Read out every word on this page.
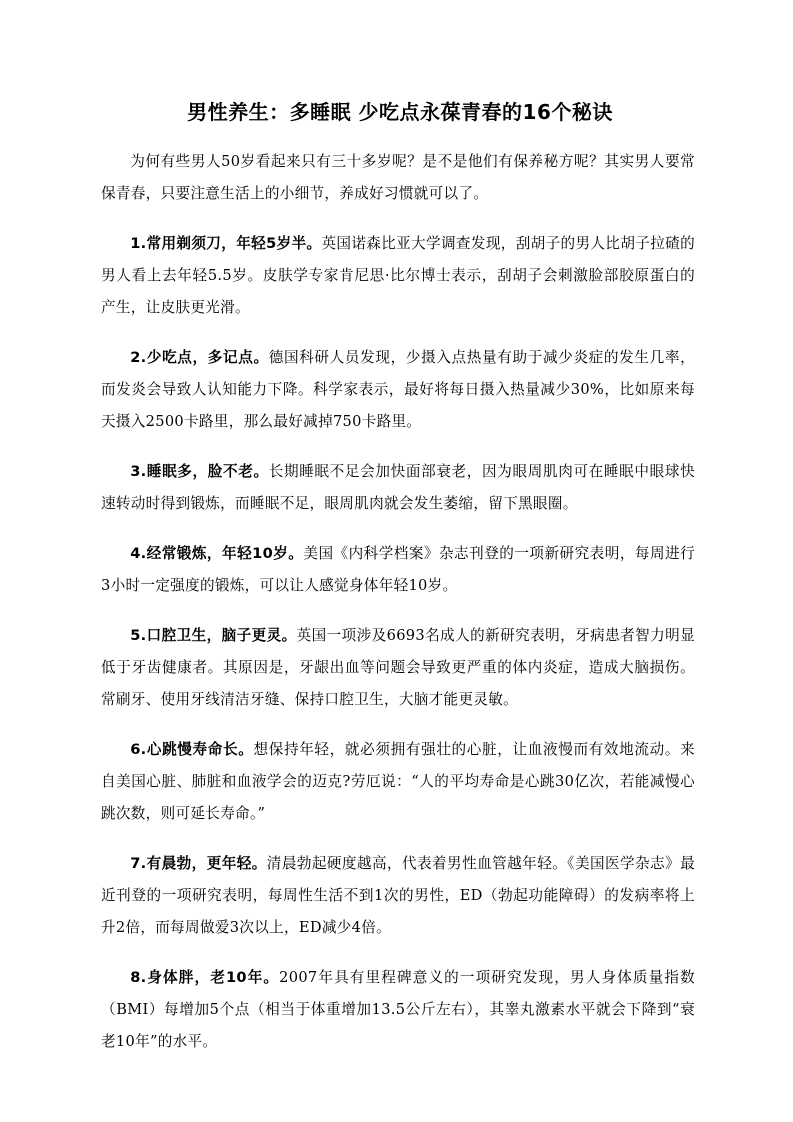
男性养生：多睡眠 少吃点永葆青春的16个秘诀

为何有些男人50岁看起来只有三十多岁呢？是不是他们有保养秘方呢？其实男人要常保青春，只要注意生活上的小细节，养成好习惯就可以了。

1.常用剃须刀，年轻5岁半。英国诺森比亚大学调查发现，刮胡子的男人比胡子拉碴的男人看上去年轻5.5岁。皮肤学专家肯尼思·比尔博士表示，刮胡子会刺激脸部胶原蛋白的产生，让皮肤更光滑。

2.少吃点，多记点。德国科研人员发现，少摄入点热量有助于减少炎症的发生几率，而发炎会导致人认知能力下降。科学家表示，最好将每日摄入热量减少30%，比如原来每天摄入2500卡路里，那么最好减掉750卡路里。

3.睡眠多，脸不老。长期睡眠不足会加快面部衰老，因为眼周肌肉可在睡眠中眼球快速转动时得到锻炼，而睡眠不足，眼周肌肉就会发生萎缩，留下黑眼圈。

4.经常锻炼，年轻10岁。美国《内科学档案》杂志刊登的一项新研究表明，每周进行3小时一定强度的锻炼，可以让人感觉身体年轻10岁。

5.口腔卫生，脑子更灵。英国一项涉及6693名成人的新研究表明，牙病患者智力明显低于牙齿健康者。其原因是，牙龈出血等问题会导致更严重的体内炎症，造成大脑损伤。常刷牙、使用牙线清洁牙缝、保持口腔卫生，大脑才能更灵敏。

6.心跳慢寿命长。想保持年轻，就必须拥有强壮的心脏，让血液慢而有效地流动。来自美国心脏、肺脏和血液学会的迈克?劳厄说：“人的平均寿命是心跳30亿次，若能减慢心跳次数，则可延长寿命。”

7.有晨勃，更年轻。清晨勃起硬度越高，代表着男性血管越年轻。《美国医学杂志》最近刊登的一项研究表明，每周性生活不到1次的男性，ED（勃起功能障碍）的发病率将上升2倍，而每周做爱3次以上，ED减少4倍。

8.身体胖，老10年。2007年具有里程碑意义的一项研究发现，男人身体质量指数（BMI）每增加5个点（相当于体重增加13.5公斤左右），其睾丸激素水平就会下降到“衰老10年”的水平。
